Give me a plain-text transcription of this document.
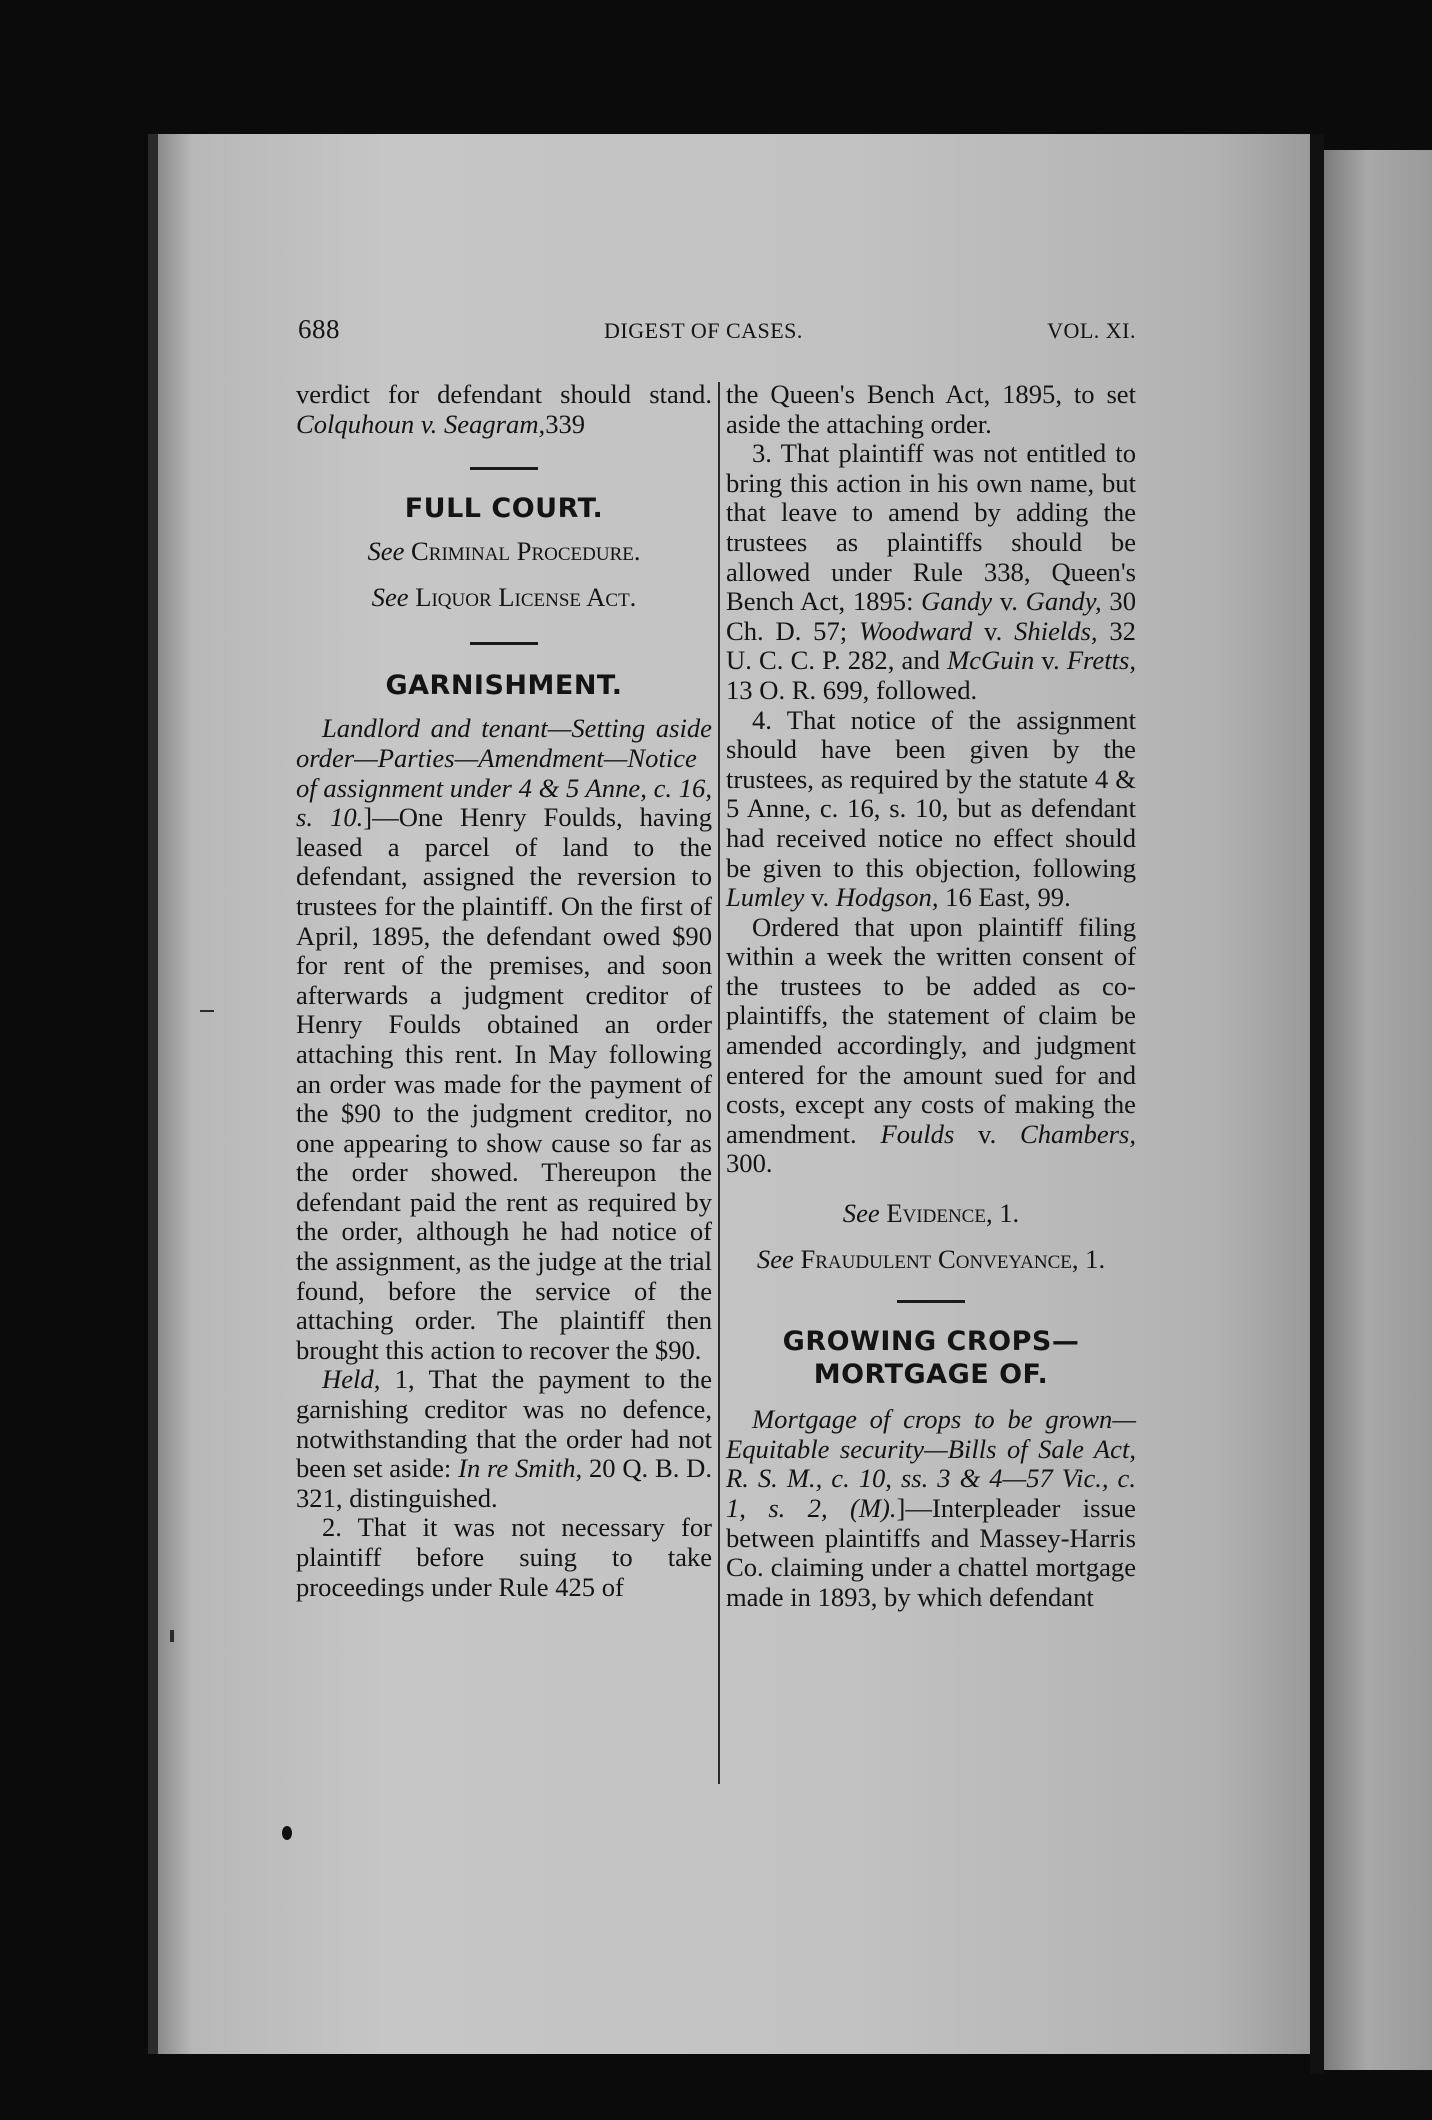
688	DIGEST OF CASES.	VOL. XI.

verdict for defendant should stand. Colquhoun v. Seagram,339

FULL COURT.

See Criminal Procedure.

See Liquor License Act.

GARNISHMENT.

Landlord and tenant—Setting aside order—Parties—Amendment—Notice of assignment under 4 & 5 Anne, c. 16, s. 10.]—One Henry Foulds, having leased a parcel of land to the defendant, assigned the reversion to trustees for the plaintiff. On the first of April, 1895, the defendant owed $90 for rent of the premises, and soon afterwards a judgment creditor of Henry Foulds obtained an order attaching this rent. In May following an order was made for the payment of the $90 to the judgment creditor, no one appearing to show cause so far as the order showed. Thereupon the defendant paid the rent as required by the order, although he had notice of the assignment, as the judge at the trial found, before the service of the attaching order. The plaintiff then brought this action to recover the $90.

Held, 1, That the payment to the garnishing creditor was no defence, notwithstanding that the order had not been set aside: In re Smith, 20 Q. B. D. 321, distinguished.

2. That it was not necessary for plaintiff before suing to take proceedings under Rule 425 of

the Queen's Bench Act, 1895, to set aside the attaching order.

3. That plaintiff was not entitled to bring this action in his own name, but that leave to amend by adding the trustees as plaintiffs should be allowed under Rule 338, Queen's Bench Act, 1895: Gandy v. Gandy, 30 Ch. D. 57; Woodward v. Shields, 32 U. C. C. P. 282, and McGuin v. Fretts, 13 O. R. 699, followed.

4. That notice of the assignment should have been given by the trustees, as required by the statute 4 & 5 Anne, c. 16, s. 10, but as defendant had received notice no effect should be given to this objection, following Lumley v. Hodgson, 16 East, 99.

Ordered that upon plaintiff filing within a week the written consent of the trustees to be added as co-plaintiffs, the statement of claim be amended accordingly, and judgment entered for the amount sued for and costs, except any costs of making the amendment. Foulds v. Chambers, 300.

See Evidence, 1.

See Fraudulent Conveyance, 1.

GROWING CROPS—MORTGAGE OF.

Mortgage of crops to be grown—Equitable security—Bills of Sale Act, R. S. M., c. 10, ss. 3 & 4—57 Vic., c. 1, s. 2, (M).]—Interpleader issue between plaintiffs and Massey-Harris Co. claiming under a chattel mortgage made in 1893, by which defendant
